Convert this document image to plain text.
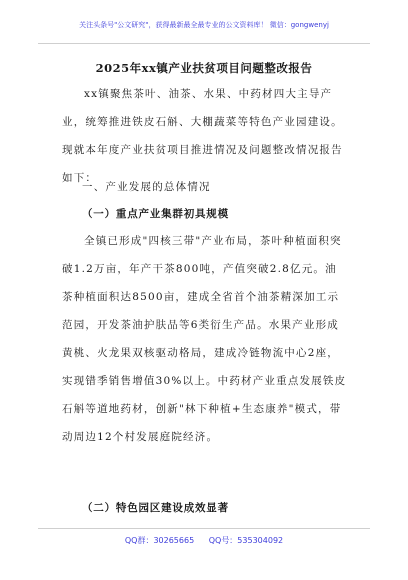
关注头条号"公文研究"，获得最新最全最专业的公文资料库！ 微信：gongwenyj
2025年xx镇产业扶贫项目问题整改报告
xx镇聚焦茶叶、油茶、水果、中药材四大主导产业，统筹推进铁皮石斛、大棚蔬菜等特色产业园建设。现就本年度产业扶贫项目推进情况及问题整改情况报告如下：
一、产业发展的总体情况
（一）重点产业集群初具规模
全镇已形成"四核三带"产业布局，茶叶种植面积突破1.2万亩，年产干茶800吨，产值突破2.8亿元。油茶种植面积达8500亩，建成全省首个油茶精深加工示范园，开发茶油护肤品等6类衍生产品。水果产业形成黄桃、火龙果双核驱动格局，建成冷链物流中心2座，实现错季销售增值30%以上。中药材产业重点发展铁皮石斛等道地药材，创新"林下种植+生态康养"模式，带动周边12个村发展庭院经济。
（二）特色园区建设成效显著
QQ群：30265665 QQ号：535304092
